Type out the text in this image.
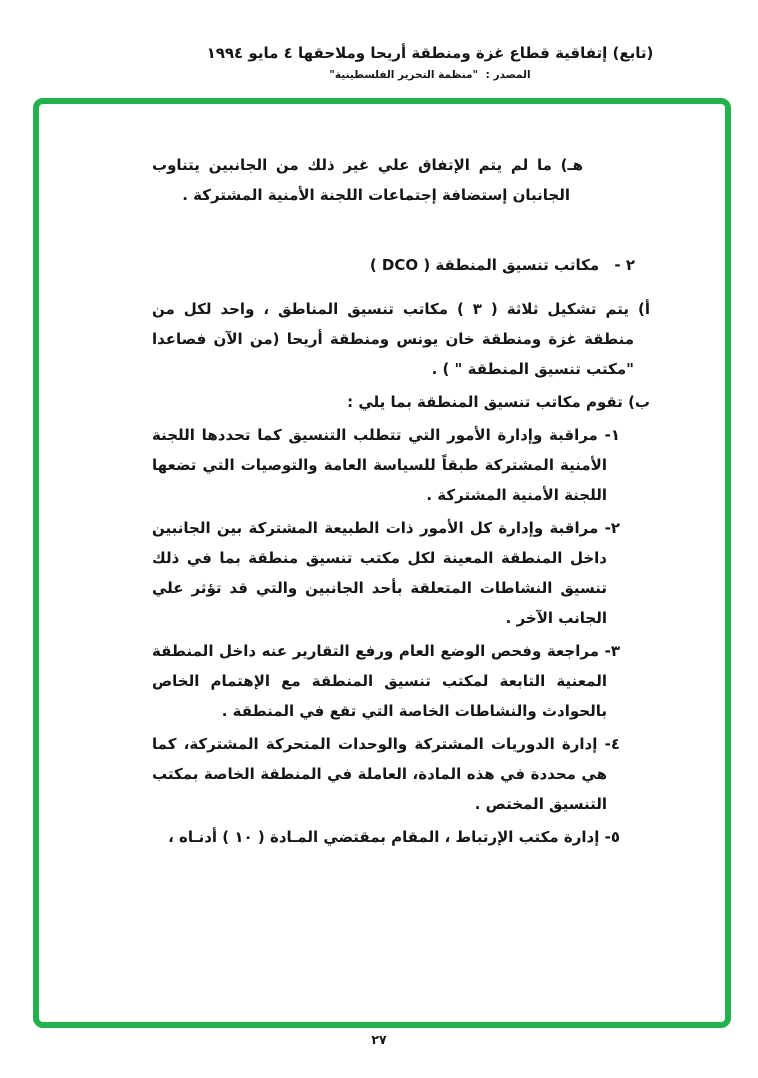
(تابع) إتفاقية قطاع غزة ومنطقة أريحا وملاحقها ٤ مايو ١٩٩٤
المصدر : "منظمة التحرير الفلسطينية"
هـ) ما لم يتم الإتفاق علي غير ذلك من الجانبين يتناوب الجانبان إستضافة إجتماعات اللجنة الأمنية المشتركة .
٢ - مكاتب تنسيق المنطقة ( DCO )
أ) يتم تشكيل ثلاثة ( ٣ ) مكاتب تنسيق المناطق ، واحد لكل من منطقة غزة ومنطقة خان يونس ومنطقة أريحا (من الآن فصاعدا "مكتب تنسيق المنطقة " ) .
ب) تقوم مكاتب تنسيق المنطقة بما يلي :
١- مراقبة وإدارة الأمور التي تتطلب التنسيق كما تحددها اللجنة الأمنية المشتركة طبقاً للسياسة العامة والتوصيات التي تضعها اللجنة الأمنية المشتركة .
٢- مراقبة وإدارة كل الأمور ذات الطبيعة المشتركة بين الجانبين داخل المنطقة المعينة لكل مكتب تنسيق منطقة بما في ذلك تنسيق النشاطات المتعلقة بأحد الجانبين والتي قد تؤثر علي الجانب الآخر .
٣- مراجعة وفحص الوضع العام ورفع التقارير عنه داخل المنطقة المعنية التابعة لمكتب تنسيق المنطقة مع الإهتمام الخاص بالحوادث والنشاطات الخاصة التي تقع في المنطقة .
٤- إدارة الدوريات المشتركة والوحدات المتحركة المشتركة، كما هي محددة في هذه المادة، العاملة في المنطقة الخاصة بمكتب التنسيق المختص .
٥- إدارة مكتب الإرتباط ، المقام بمقتضي المـادة ( ١٠ ) أدنـاه ،
٢٧
